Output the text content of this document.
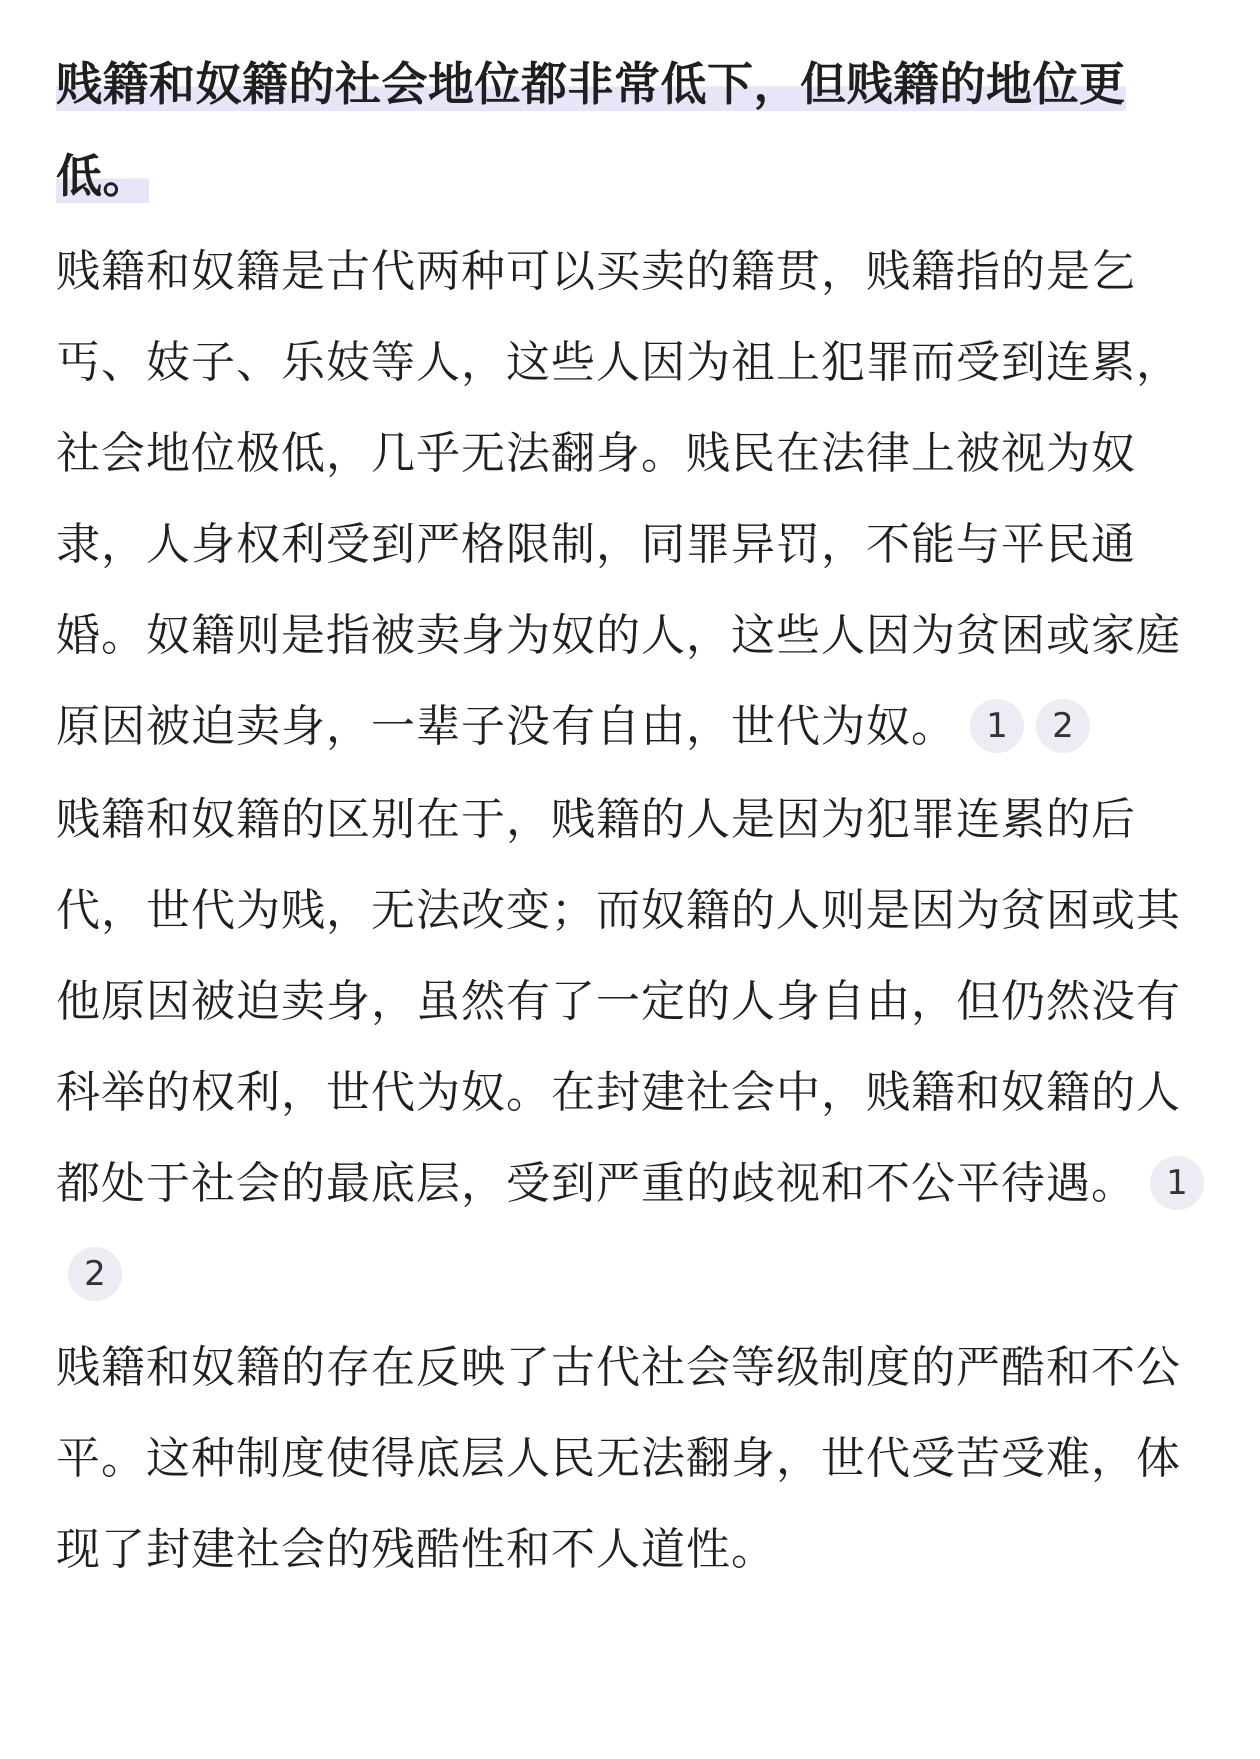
贱籍和奴籍的社会地位都非常低下，但贱籍的地位更低。
贱籍和奴籍是古代两种可以买卖的籍贯，贱籍指的是乞丐、妓子、乐妓等人，这些人因为祖上犯罪而受到连累，社会地位极低，几乎无法翻身。贱民在法律上被视为奴隶，人身权利受到严格限制，同罪异罚，不能与平民通婚。奴籍则是指被卖身为奴的人，这些人因为贫困或家庭原因被迫卖身，一辈子没有自由，世代为奴。 1 2
贱籍和奴籍的区别在于，贱籍的人是因为犯罪连累的后代，世代为贱，无法改变；而奴籍的人则是因为贫困或其他原因被迫卖身，虽然有了一定的人身自由，但仍然没有科举的权利，世代为奴。在封建社会中，贱籍和奴籍的人都处于社会的最底层，受到严重的歧视和不公平待遇。 12
贱籍和奴籍的存在反映了古代社会等级制度的严酷和不公平。这种制度使得底层人民无法翻身，世代受苦受难，体现了封建社会的残酷性和不人道性。
